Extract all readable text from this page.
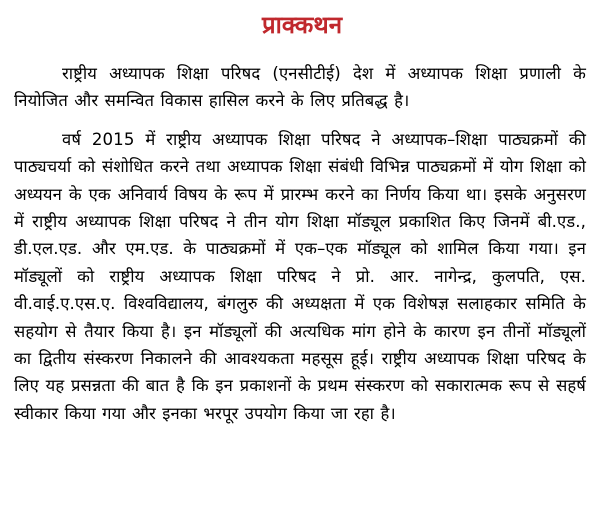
प्राक्कथन

राष्ट्रीय अध्यापक शिक्षा परिषद (एनसीटीई) देश में अध्यापक शिक्षा प्रणाली के नियोजित और समन्वित विकास हासिल करने के लिए प्रतिबद्ध है।

वर्ष 2015 में राष्ट्रीय अध्यापक शिक्षा परिषद ने अध्यापक–शिक्षा पाठ्यक्रमों की पाठ्यचर्या को संशोधित करने तथा अध्यापक शिक्षा संबंधी विभिन्न पाठ्यक्रमों में योग शिक्षा को अध्ययन के एक अनिवार्य विषय के रूप में प्रारम्भ करने का निर्णय किया था। इसके अनुसरण में राष्ट्रीय अध्यापक शिक्षा परिषद ने तीन योग शिक्षा मॉड्यूल प्रकाशित किए जिनमें बी.एड., डी.एल.एड. और एम.एड. के पाठ्यक्रमों में एक–एक मॉड्यूल को शामिल किया गया। इन मॉड्यूलों को राष्ट्रीय अध्यापक शिक्षा परिषद ने प्रो. आर. नागेन्द्र, कुलपति, एस. वी.वाई.ए.एस.ए. विश्वविद्यालय, बंगलुरु की अध्यक्षता में एक विशेषज्ञ सलाहकार समिति के सहयोग से तैयार किया है। इन मॉड्यूलों की अत्यधिक मांग होने के कारण इन तीनों मॉड्यूलों का द्वितीय संस्करण निकालने की आवश्यकता महसूस हूई। राष्ट्रीय अध्यापक शिक्षा परिषद के लिए यह प्रसन्नता की बात है कि इन प्रकाशनों के प्रथम संस्करण को सकारात्मक रूप से सहर्ष स्वीकार किया गया और इनका भरपूर उपयोग किया जा रहा है।
